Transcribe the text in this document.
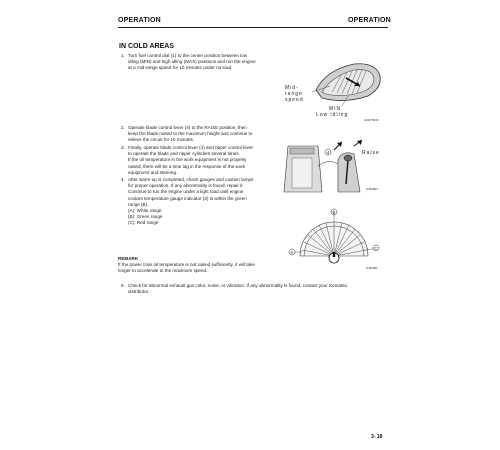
OPERATION	OPERATION
IN COLD AREAS

1. Turn fuel control dial (1) to the center position between low

idling (MIN) and high idling (MAX) positions and run the engine

at a mid-range speed for 10 minutes under no load.

Mid-
range
speed
MIN
Low idling
AM175030

2. Operate blade control lever (4) to the RAISE position, then

keep the blade raised to the maximum height and continue to

relieve the circuit for 10 minutes.

3. Finally, operate blade control lever (4) and ripper control lever

to operate the blade and ripper cylinders several times.

If the oil temperature in the work equipment is not properly

raised, there will be a time lag in the response of the work

equipment and steering.

4	Raise
SJ06863

4. After warm-up is completed, check gauges and caution lamps

for proper operation. If any abnormality is found, repair it.

Continue to run the engine under a light load until engine

coolant temperature gauge indicator (2) is within the green

range (B).

(A): White range

(B): Green range

(C): Red range

A
B
C
SJ06861

REMARK

If the power train oil temperature is not raised sufficiently, it will take

longer to accelerate to the maximum speed.

5. Check for abnormal exhaust gas color, noise, or vibration. If any abnormality is found, contact your Komatsu

distributor.

3- 18
